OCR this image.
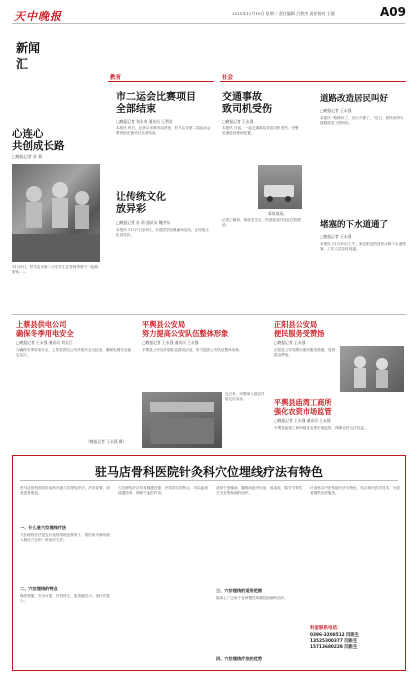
天中晚报	2015年11月10日 星期二 责任编辑 吕豪杰 责任校对 王强	A09
新闻
汇
心连心
共创成长路
□晚报记者 苏 莉
11月9日，驻马店市第二小学学生在老师带领下一起做游戏……
教育	社会
市二运会比赛项目
全部结束
□晚报记者 刘永奇 通讯员 王利君
本报讯 昨日，记者从市教育局获悉，驻马店市第二届运动会教育组比赛项目全部结束。
让传统文化
放异彩
□晚报记者 苏 莉 通讯员 魏洪东
本报讯 11月7日至8日，开展国学经典诵读活动，让传统文化放异彩。
交通事故
致司机受伤
□晚报记者 王永强
本报讯 日前，一起交通事故导致司机受伤，民警迅速赶到现场处置。
事故现场。
记者了解到，事故发生后，伤者被及时送往医院救治。
道路改造居民叫好
□晚报记者 王永强
本报讯 "路修好了，出行方便了。"近日，居民纷纷为道路改造工程叫好。
堵塞的下水道通了
□晚报记者 王永强
本报讯 11月10日上午，家住附近的居民反映下水道堵塞，工作人员及时疏通。
上蔡县供电公司
确保冬季用电安全
□晚报记者 王永强 通讯员 刘长江
为确保冬季用电安全，上蔡县供电公司开展安全大检查，确保电网安全稳定运行。
平舆县公安局
努力提高公安队伍整体形象
□晚报记者 王永强 通讯员 王永强
平舆县公安局开展队伍建设活动，努力提高公安队伍整体形象。
连日来，民警深入基层开展走访活动。
正阳县公安局
便民服务受赞扬
□晚报记者 王永强
正阳县公安局推出便民服务措施，受到群众赞扬。
平舆县庙湾工商所
强化农资市场监管
□晚报记者 王永强 通讯员 王永强
平舆县庙湾工商所强化农资市场监管，保障农民合法权益。
（晚报记者 王永强 摄）
驻马店骨科医院针灸科穴位埋线疗法有特色
驻马店骨科医院针灸科开展穴位埋线疗法，疗效显著，深受患者欢迎。
一、什么是穴位埋线疗法
穴位埋线疗法是在针灸经络理论指导下，将医用羊肠线埋入相应穴位的一种治疗方法。
二、穴位埋线的特点
操作简便，安全可靠，疗效持久，患者痛苦小，治疗次数少。
穴位埋线疗法具有刺激性强、疗效持久的特点，可以起到疏通经络、调和气血的作用。
适用于颈椎病、腰椎间盘突出症、肩周炎、膝关节骨性关节炎等疾病的治疗。
三、穴位埋线的适用范围
临床上广泛用于各种慢性疼痛性疾病的治疗。
四、穴位埋线疗法的优势
针灸科以中医传统疗法为特色，结合现代医学技术，为患者提供优质服务。
科室联系电话：
0396-3208512 闫医生
13525300377 闫医生
15713680228 闫医生
